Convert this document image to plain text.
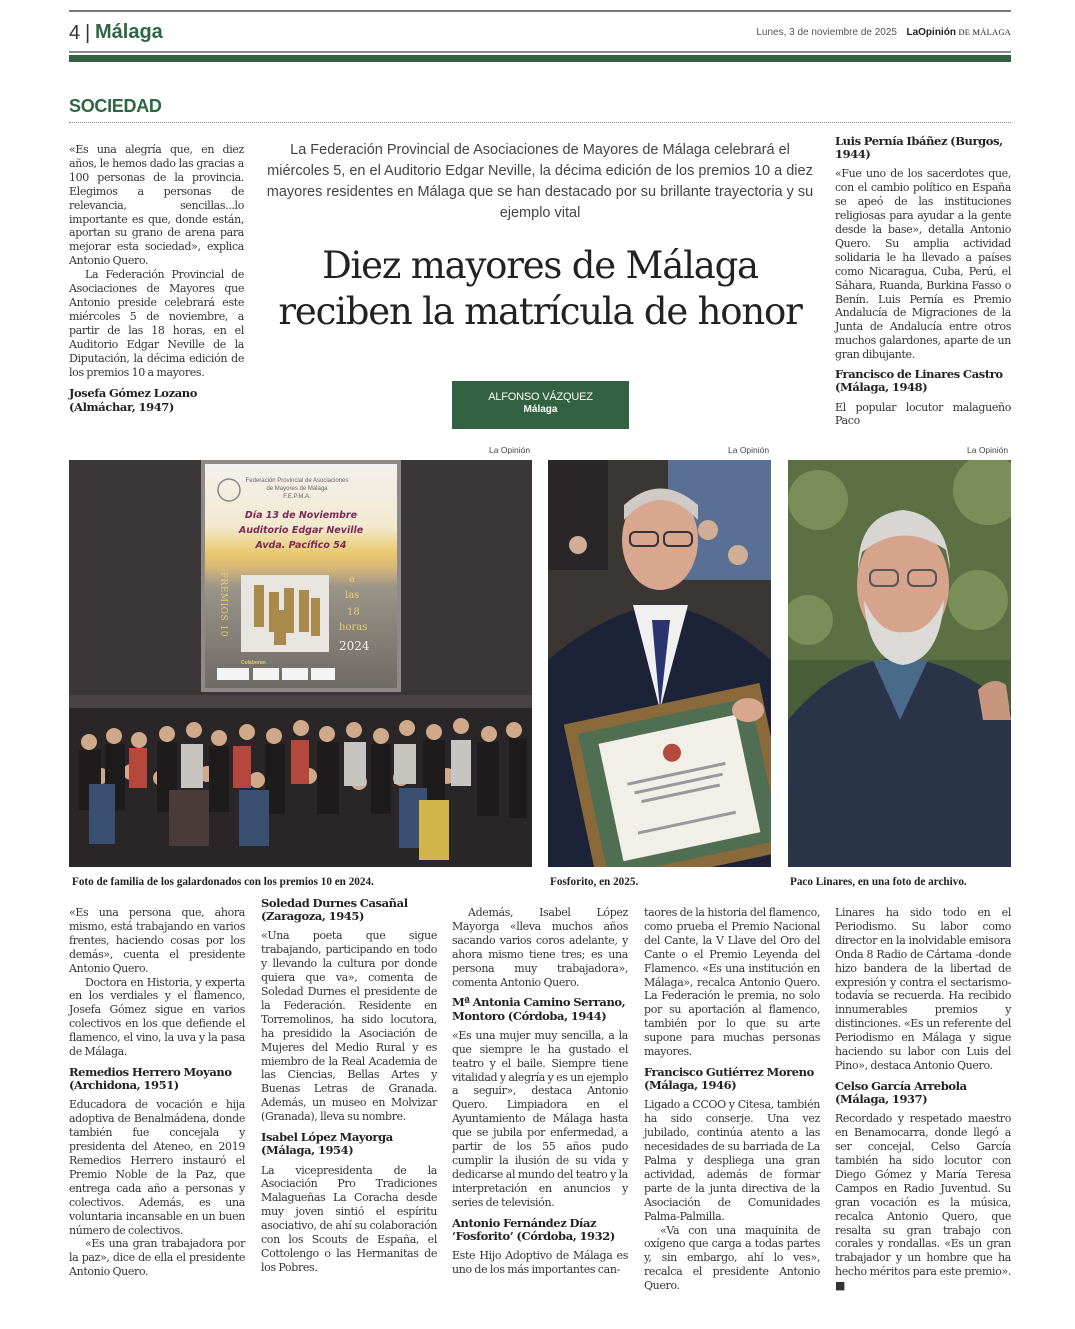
4 | Málaga	Lunes, 3 de noviembre de 2025 LaOpinión DE MÁLAGA
SOCIEDAD

«Es una alegría que, en diez años, le hemos dado las gracias a 100 personas de la provincia. Elegimos a personas de relevancia, sencillas...lo importante es que, donde están, aportan su grano de arena para mejorar esta sociedad», explica Antonio Quero.

La Federación Provincial de Asociaciones de Mayores que Antonio preside celebrará este miércoles 5 de noviembre, a partir de las 18 horas, en el Auditorio Edgar Neville de la Diputación, la décima edición de los premios 10 a mayores.

Josefa Gómez Lozano (Almáchar, 1947)
La Federación Provincial de Asociaciones de Mayores de Málaga celebrará el miércoles 5, en el Auditorio Edgar Neville, la décima edición de los premios 10 a diez mayores residentes en Málaga que se han destacado por su brillante trayectoria y su ejemplo vital
Diez mayores de Málaga
reciben la matrícula de honor
ALFONSO VÁZQUEZ
Málaga
Luis Pernía Ibáñez (Burgos, 1944)

«Fue uno de los sacerdotes que, con el cambio político en España se apeó de las instituciones religiosas para ayudar a la gente desde la base», detalla Antonio Quero. Su amplia actividad solidaria le ha llevado a países como Nicaragua, Cuba, Perú, el Sáhara, Ruanda, Burkina Fasso o Benín. Luis Pernía es Premio Andalucía de Migraciones de la Junta de Andalucía entre otros muchos galardones, aparte de un gran dibujante.

Francisco de Linares Castro (Málaga, 1948)

El popular locutor malagueño Paco

La Opinión	La Opinión	La Opinión
Federación Provincial de Asociaciones
de Mayores de Málaga
F.E.P.M.A.
Día 13 de Noviembre
Auditorio Edgar Neville
Avda. Pacífico 54
PREMIOS 10	a
las
18
horas
2024
Colaboran
Foto de familia de los galardonados con los premios 10 en 2024.	Fosforito, en 2025.	Paco Linares, en una foto de archivo.

«Es una persona que, ahora mismo, está trabajando en varios frentes, haciendo cosas por los demás», cuenta el presidente Antonio Quero.

Doctora en Historia, y experta en los verdiales y el flamenco, Josefa Gómez sigue en varios colectivos en los que defiende el flamenco, el vino, la uva y la pasa de Málaga.

Remedios Herrero Moyano (Archidona, 1951)

Educadora de vocación e hija adoptiva de Benalmádena, donde también fue concejala y presidenta del Ateneo, en 2019 Remedios Herrero instauró el Premio Noble de la Paz, que entrega cada año a personas y colectivos. Además, es una voluntaria incansable en un buen número de colectivos.

«Es una gran trabajadora por la paz», dice de ella el presidente Antonio Quero.

Soledad Durnes Casañal (Zaragoza, 1945)

«Una poeta que sigue trabajando, participando en todo y llevando la cultura por donde quiera que va», comenta de Soledad Durnes el presidente de la Federación. Residente en Torremolinos, ha sido locutora, ha presidido la Asociación de Mujeres del Medio Rural y es miembro de la Real Academia de las Ciencias, Bellas Artes y Buenas Letras de Granada. Además, un museo en Molvizar (Granada), lleva su nombre.

Isabel López Mayorga (Málaga, 1954)

La vicepresidenta de la Asociación Pro Tradiciones Malagueñas La Coracha desde muy joven sintió el espíritu asociativo, de ahí su colaboración con los Scouts de España, el Cottolengo o las Hermanitas de los Pobres.

Además, Isabel López Mayorga «lleva muchos años sacando varios coros adelante, y ahora mismo tiene tres; es una persona muy trabajadora», comenta Antonio Quero.

Mª Antonia Camino Serrano, Montoro (Córdoba, 1944)

«Es una mujer muy sencilla, a la que siempre le ha gustado el teatro y el baile. Siempre tiene vitalidad y alegría y es un ejemplo a seguir», destaca Antonio Quero. Limpiadora en el Ayuntamiento de Málaga hasta que se jubila por enfermedad, a partir de los 55 años pudo cumplir la ilusión de su vida y dedicarse al mundo del teatro y la interpretación en anuncios y series de televisión.

Antonio Fernández Díaz ‘Fosforito’ (Córdoba, 1932)

Este Hijo Adoptivo de Málaga es uno de los más importantes can-

taores de la historia del flamenco, como prueba el Premio Nacional del Cante, la V Llave del Oro del Cante o el Premio Leyenda del Flamenco. «Es una institución en Málaga», recalca Antonio Quero. La Federación le premia, no solo por su aportación al flamenco, también por lo que su arte supone para muchas personas mayores.

Francisco Gutiérrez Moreno (Málaga, 1946)

Ligado a CCOO y Citesa, también ha sido conserje. Una vez jubilado, continúa atento a las necesidades de su barriada de La Palma y despliega una gran actividad, además de formar parte de la junta directiva de la Asociación de Comunidades Palma-Palmilla.

«Va con una maquinita de oxígeno que carga a todas partes y, sin embargo, ahí lo ves», recalca el presidente Antonio Quero.

Linares ha sido todo en el Periodismo. Su labor como director en la inolvidable emisora Onda 8 Radio de Cártama -donde hizo bandera de la libertad de expresión y contra el sectarismo- todavía se recuerda. Ha recibido innumerables premios y distinciones. «Es un referente del Periodismo en Málaga y sigue haciendo su labor con Luis del Pino», destaca Antonio Quero.

Celso García Arrebola (Málaga, 1937)

Recordado y respetado maestro en Benamocarra, donde llegó a ser concejal, Celso García también ha sido locutor con Diego Gómez y María Teresa Campos en Radio Juventud. Su gran vocación es la música, recalca Antonio Quero, que resalta su gran trabajo con corales y rondallas. «Es un gran trabajador y un hombre que ha hecho méritos para este premio». ■
